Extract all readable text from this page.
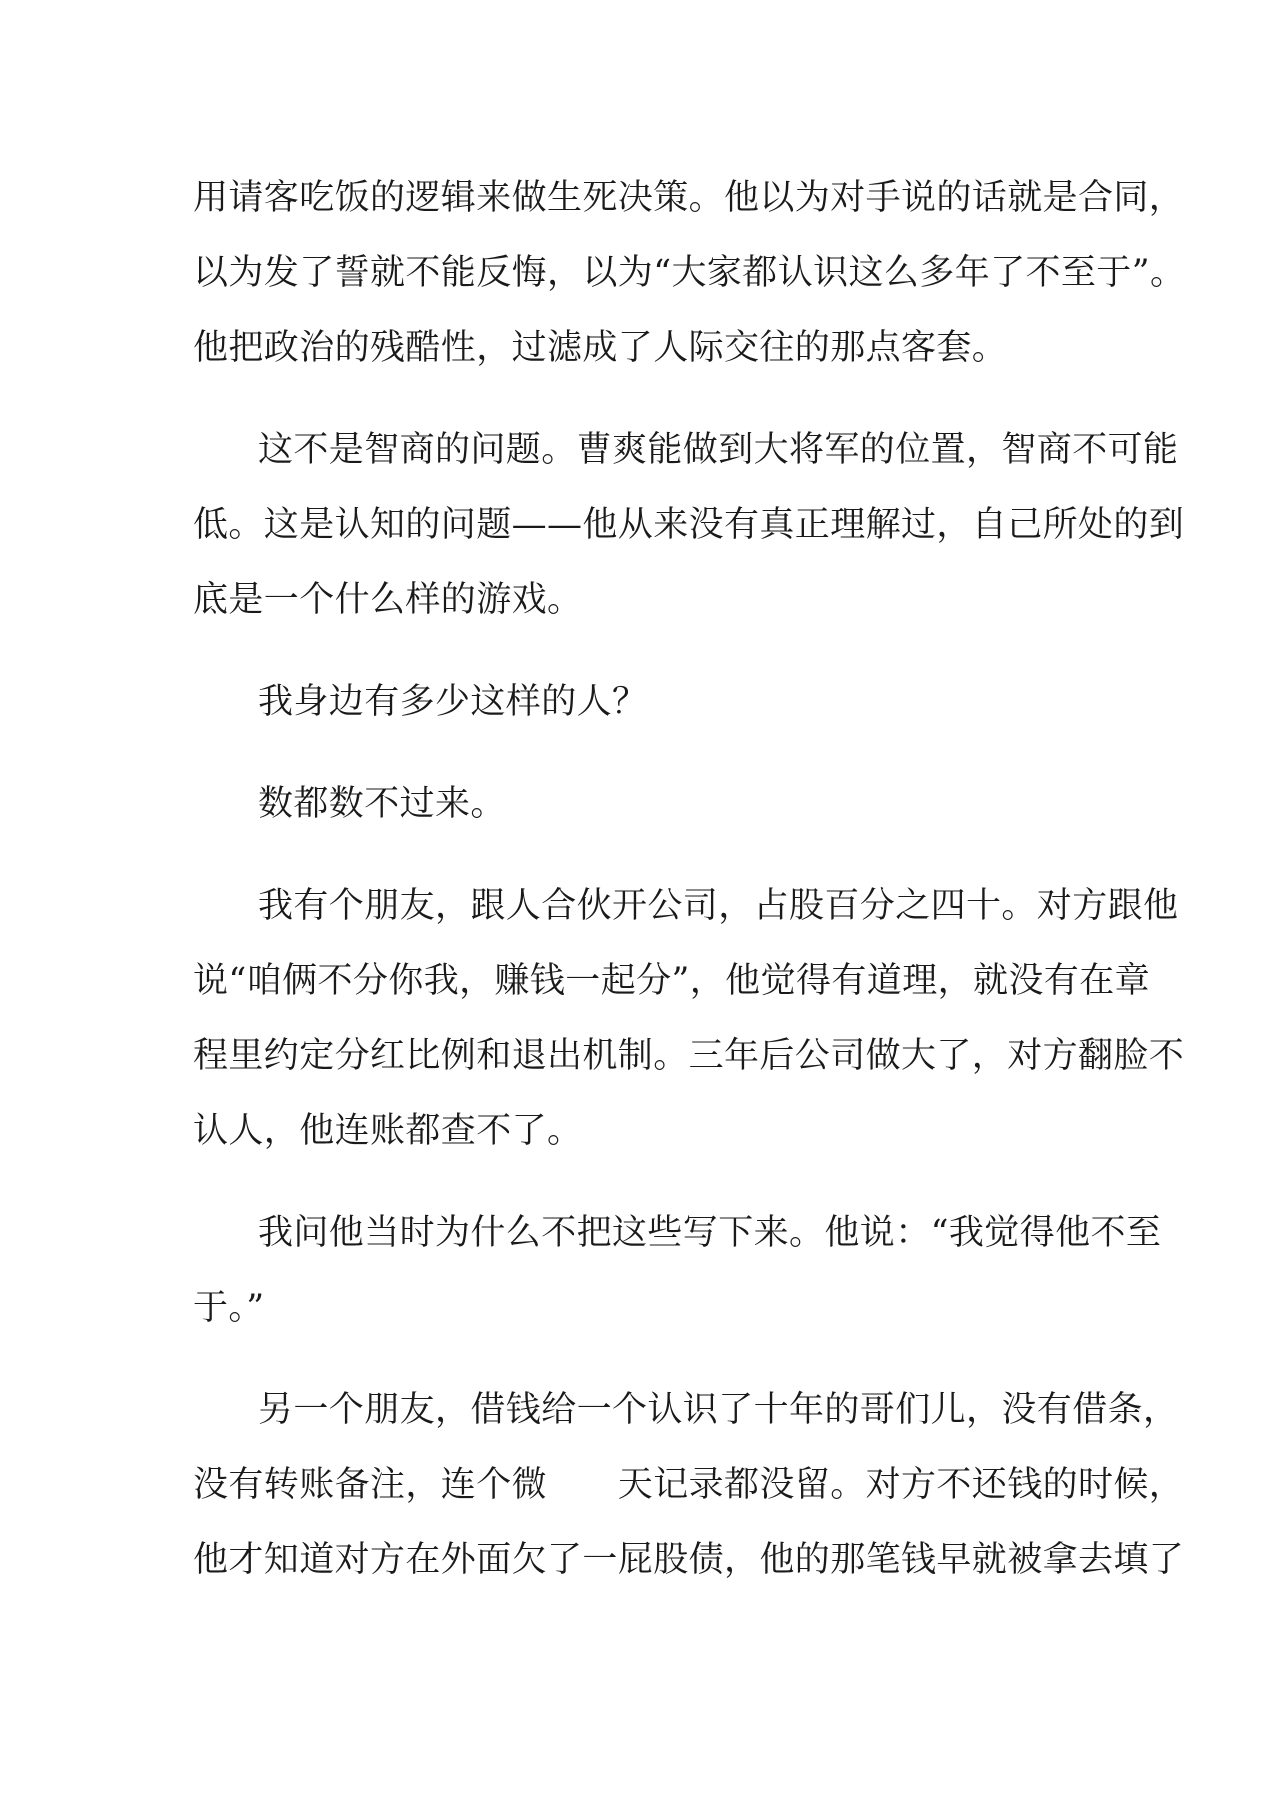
用请客吃饭的逻辑来做生死决策。他以为对手说的话就是合同，
以为发了誓就不能反悔，以为“大家都认识这么多年了不至于”。
他把政治的残酷性，过滤成了人际交往的那点客套。
这不是智商的问题。曹爽能做到大将军的位置，智商不可能
低。这是认知的问题——他从来没有真正理解过，自己所处的到
底是一个什么样的游戏。
我身边有多少这样的人？
数都数不过来。
我有个朋友，跟人合伙开公司，占股百分之四十。对方跟他
说“咱俩不分你我，赚钱一起分”，他觉得有道理，就没有在章
程里约定分红比例和退出机制。三年后公司做大了，对方翻脸不
认人，他连账都查不了。
我问他当时为什么不把这些写下来。他说：“我觉得他不至
于。”
另一个朋友，借钱给一个认识了十年的哥们儿，没有借条，
没有转账备注，连个微　　天记录都没留。对方不还钱的时候，
他才知道对方在外面欠了一屁股债，他的那笔钱早就被拿去填了
